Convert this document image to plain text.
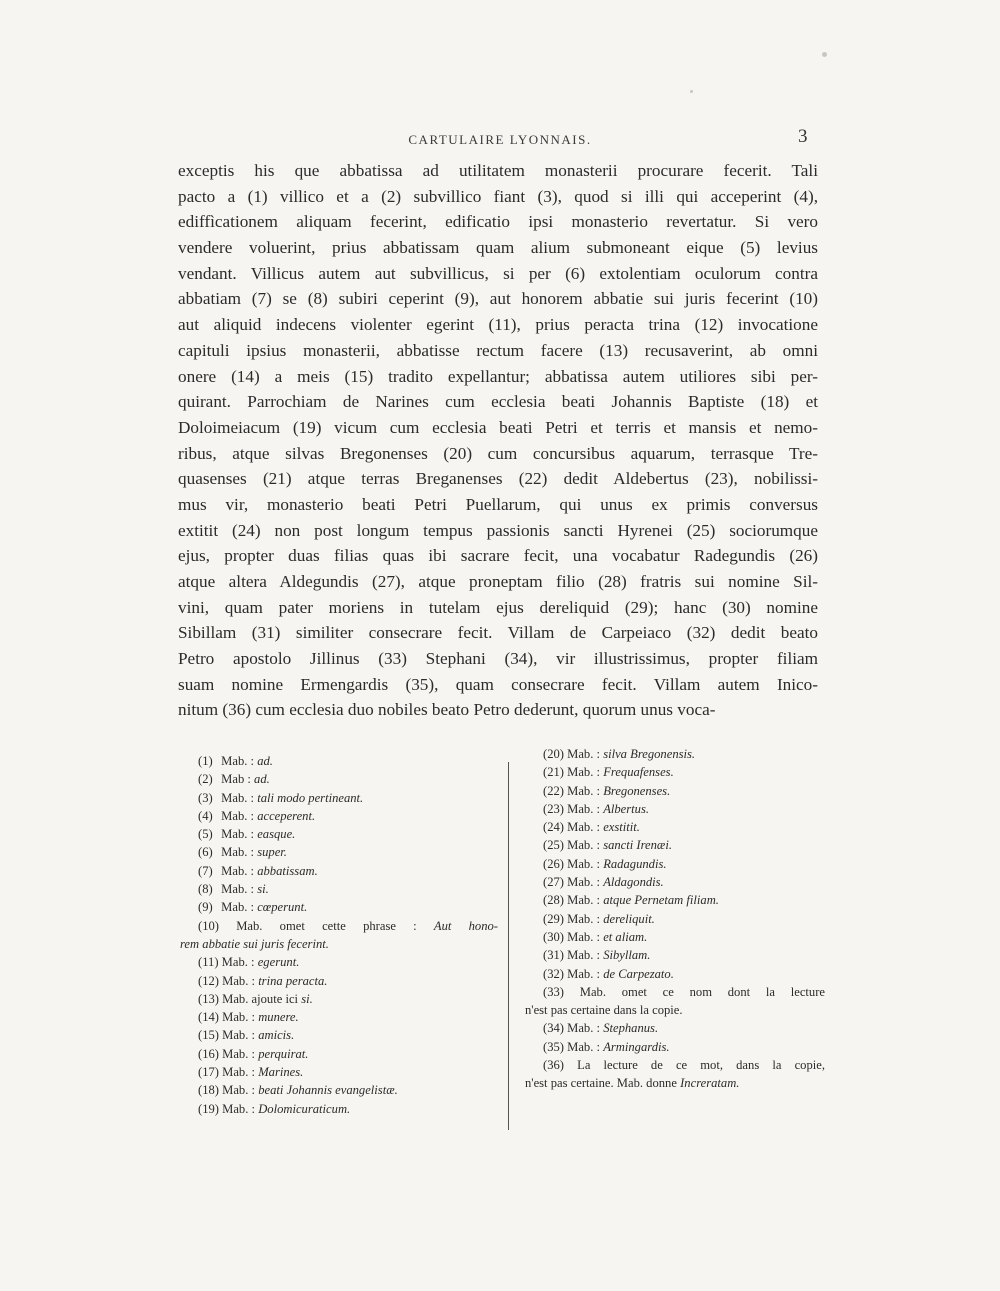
CARTULAIRE LYONNAIS.	3
exceptis his que abbatissa ad utilitatem monasterii procurare fecerit. Tali
pacto a (1) villico et a (2) subvillico fiant (3), quod si illi qui acceperint (4),
ediffìcationem aliquam fecerint, edificatio ipsi monasterio revertatur. Si vero
vendere voluerint, prius abbatissam quam alium submoneant eique (5) levius
vendant. Villicus autem aut subvillicus, si per (6) extolentiam oculorum contra
abbatiam (7) se (8) subiri ceperint (9), aut honorem abbatie sui juris fecerint (10)
aut aliquid indecens violenter egerint (11), prius peracta trina (12) invocatione
capituli ipsius monasterii, abbatisse rectum facere (13) recusaverint, ab omni
onere (14) a meis (15) tradito expellantur; abbatissa autem utiliores sibi per-
quirant. Parrochiam de Narines cum ecclesia beati Johannis Baptiste (18) et
Doloimeiacum (19) vicum cum ecclesia beati Petri et terris et mansis et nemo-
ribus, atque silvas Bregonenses (20) cum concursibus aquarum, terrasque Tre-
quasenses (21) atque terras Breganenses (22) dedit Aldebertus (23), nobilissi-
mus vir, monasterio beati Petri Puellarum, qui unus ex primis conversus
extitit (24) non post longum tempus passionis sancti Hyrenei (25) sociorumque
ejus, propter duas filias quas ibi sacrare fecit, una vocabatur Radegundis (26)
atque altera Aldegundis (27), atque proneptam filio (28) fratris sui nomine Sil-
vini, quam pater moriens in tutelam ejus dereliquid (29); hanc (30) nomine
Sibillam (31) similiter consecrare fecit. Villam de Carpeiaco (32) dedit beato
Petro apostolo Jillinus (33) Stephani (34), vir illustrissimus, propter filiam
suam nomine Ermengardis (35), quam consecrare fecit. Villam autem Inico-
nitum (36) cum ecclesia duo nobiles beato Petro dederunt, quorum unus voca-
(1) Mab. : ad.
(2) Mab : ad.
(3) Mab. : tali modo pertineant.
(4) Mab. : acceperent.
(5) Mab. : easque.
(6) Mab. : super.
(7) Mab. : abbatissam.
(8) Mab. : si.
(9) Mab. : cœperunt.
(10) Mab. omet cette phrase : Aut hono-
rem abbatie sui juris fecerint.
(11) Mab. : egerunt.
(12) Mab. : trina peracta.
(13) Mab. ajoute ici si.
(14) Mab. : munere.
(15) Mab. : amicis.
(16) Mab. : perquirat.
(17) Mab. : Marines.
(18) Mab. : beati Johannis evangelistæ.
(19) Mab. : Dolomicuraticum.
(20) Mab. : silva Bregonensis.
(21) Mab. : Frequafenses.
(22) Mab. : Bregonenses.
(23) Mab. : Albertus.
(24) Mab. : exstitit.
(25) Mab. : sancti Irenæi.
(26) Mab. : Radagundis.
(27) Mab. : Aldagondis.
(28) Mab. : atque Pernetam filiam.
(29) Mab. : dereliquit.
(30) Mab. : et aliam.
(31) Mab. : Sibyllam.
(32) Mab. : de Carpezato.
(33) Mab. omet ce nom dont la lecture
n'est pas certaine dans la copie.
(34) Mab. : Stephanus.
(35) Mab. : Armingardis.
(36) La lecture de ce mot, dans la copie,
n'est pas certaine. Mab. donne Increratam.
